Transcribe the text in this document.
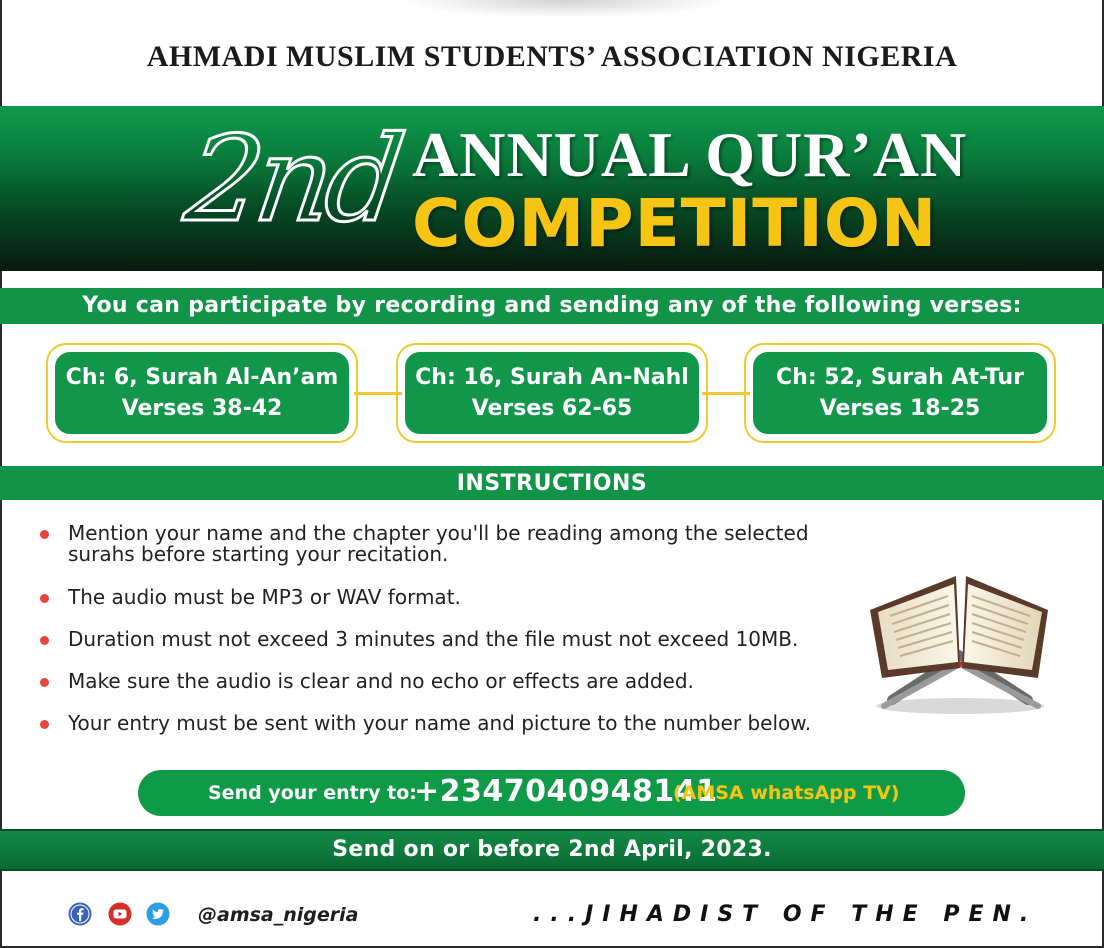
AHMADI MUSLIM STUDENTS’ ASSOCIATION NIGERIA
2nd ANNUAL QUR’AN
COMPETITION
You can participate by recording and sending any of the following verses:
Ch: 6, Surah Al-An’am
Verses 38-42
Ch: 16, Surah An-Nahl
Verses 62-65
Ch: 52, Surah At-Tur
Verses 18-25
INSTRUCTIONS
Mention your name and the chapter you'll be reading among the selected
surahs before starting your recitation.
The audio must be MP3 or WAV format.
Duration must not exceed 3 minutes and the file must not exceed 10MB.
Make sure the audio is clear and no echo or effects are added.
Your entry must be sent with your name and picture to the number below.
Send your entry to:
+2347040948141
(AMSA whatsApp TV)
Send on or before 2nd April, 2023.
@amsa_nigeria	...JIHADIST OF THE PEN.
